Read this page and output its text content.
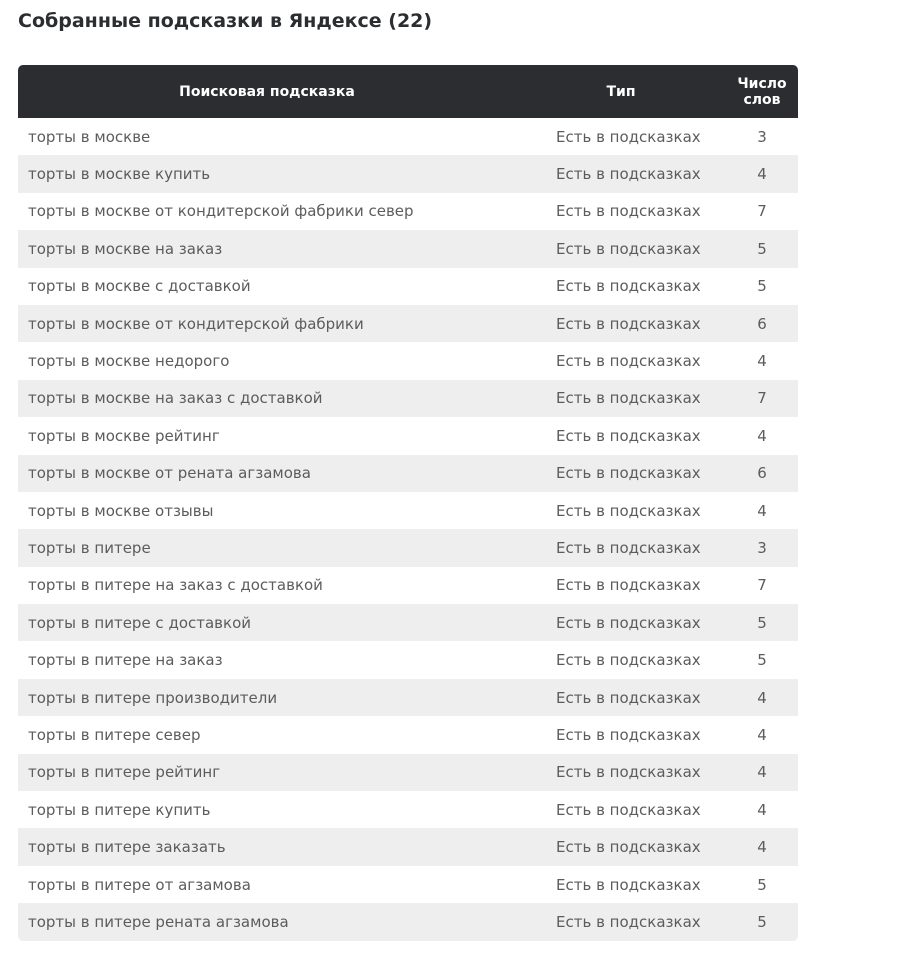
Собранные подсказки в Яндексе (22)
Поисковая подсказка	Тип	Число слов
торты в москве	Есть в подсказках	3
торты в москве купить	Есть в подсказках	4
торты в москве от кондитерской фабрики север	Есть в подсказках	7
торты в москве на заказ	Есть в подсказках	5
торты в москве с доставкой	Есть в подсказках	5
торты в москве от кондитерской фабрики	Есть в подсказках	6
торты в москве недорого	Есть в подсказках	4
торты в москве на заказ с доставкой	Есть в подсказках	7
торты в москве рейтинг	Есть в подсказках	4
торты в москве от рената агзамова	Есть в подсказках	6
торты в москве отзывы	Есть в подсказках	4
торты в питере	Есть в подсказках	3
торты в питере на заказ с доставкой	Есть в подсказках	7
торты в питере с доставкой	Есть в подсказках	5
торты в питере на заказ	Есть в подсказках	5
торты в питере производители	Есть в подсказках	4
торты в питере север	Есть в подсказках	4
торты в питере рейтинг	Есть в подсказках	4
торты в питере купить	Есть в подсказках	4
торты в питере заказать	Есть в подсказках	4
торты в питере от агзамова	Есть в подсказках	5
торты в питере рената агзамова	Есть в подсказках	5
